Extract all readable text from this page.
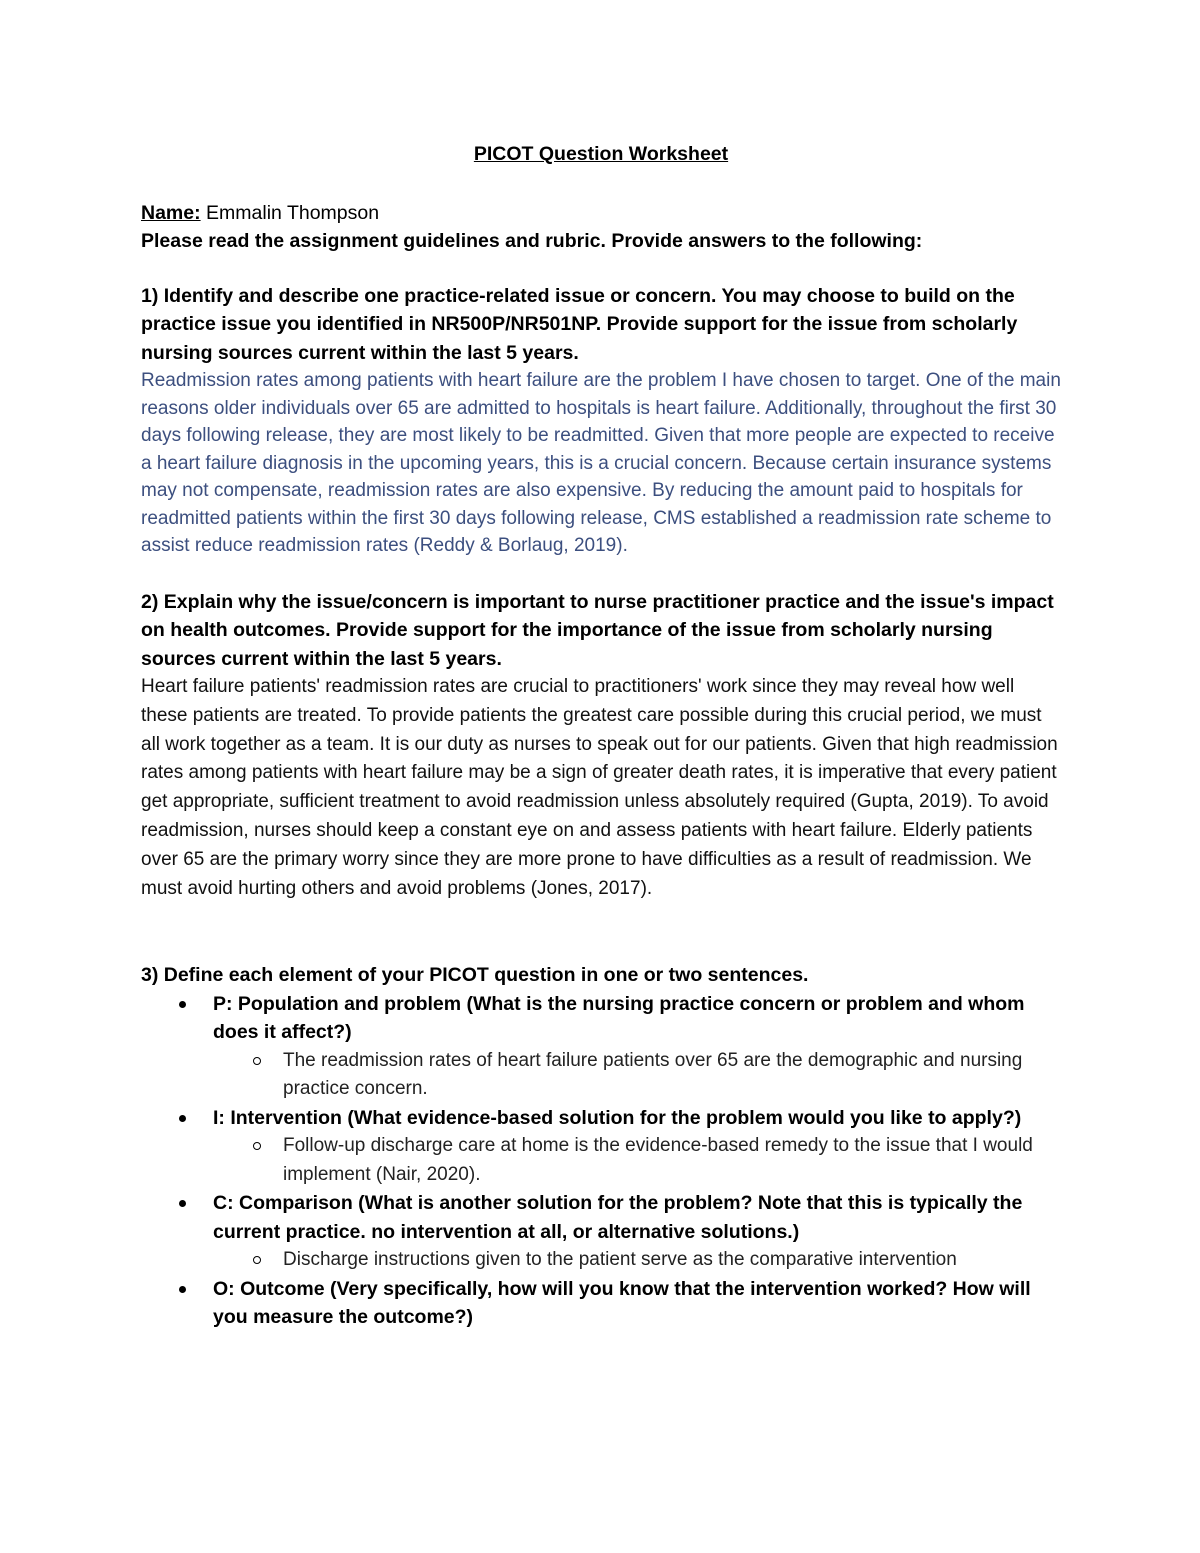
PICOT Question Worksheet

Name: Emmalin Thompson

Please read the assignment guidelines and rubric. Provide answers to the following:

1) Identify and describe one practice-related issue or concern. You may choose to build on the practice issue you identified in NR500P/NR501NP. Provide support for the issue from scholarly nursing sources current within the last 5 years.

Readmission rates among patients with heart failure are the problem I have chosen to target. One of the main reasons older individuals over 65 are admitted to hospitals is heart failure. Additionally, throughout the first 30 days following release, they are most likely to be readmitted. Given that more people are expected to receive a heart failure diagnosis in the upcoming years, this is a crucial concern. Because certain insurance systems may not compensate, readmission rates are also expensive. By reducing the amount paid to hospitals for readmitted patients within the first 30 days following release, CMS established a readmission rate scheme to assist reduce readmission rates (Reddy & Borlaug, 2019).

2) Explain why the issue/concern is important to nurse practitioner practice and the issue's impact on health outcomes. Provide support for the importance of the issue from scholarly nursing sources current within the last 5 years.

Heart failure patients' readmission rates are crucial to practitioners' work since they may reveal how well these patients are treated. To provide patients the greatest care possible during this crucial period, we must all work together as a team. It is our duty as nurses to speak out for our patients. Given that high readmission rates among patients with heart failure may be a sign of greater death rates, it is imperative that every patient get appropriate, sufficient treatment to avoid readmission unless absolutely required (Gupta, 2019). To avoid readmission, nurses should keep a constant eye on and assess patients with heart failure. Elderly patients over 65 are the primary worry since they are more prone to have difficulties as a result of readmission. We must avoid hurting others and avoid problems (Jones, 2017).

3) Define each element of your PICOT question in one or two sentences.

P: Population and problem (What is the nursing practice concern or problem and whom does it affect?)
The readmission rates of heart failure patients over 65 are the demographic and nursing practice concern.
I: Intervention (What evidence-based solution for the problem would you like to apply?)
Follow-up discharge care at home is the evidence-based remedy to the issue that I would implement (Nair, 2020).
C: Comparison (What is another solution for the problem? Note that this is typically the current practice. no intervention at all, or alternative solutions.)
Discharge instructions given to the patient serve as the comparative intervention
O: Outcome (Very specifically, how will you know that the intervention worked? How will you measure the outcome?)
